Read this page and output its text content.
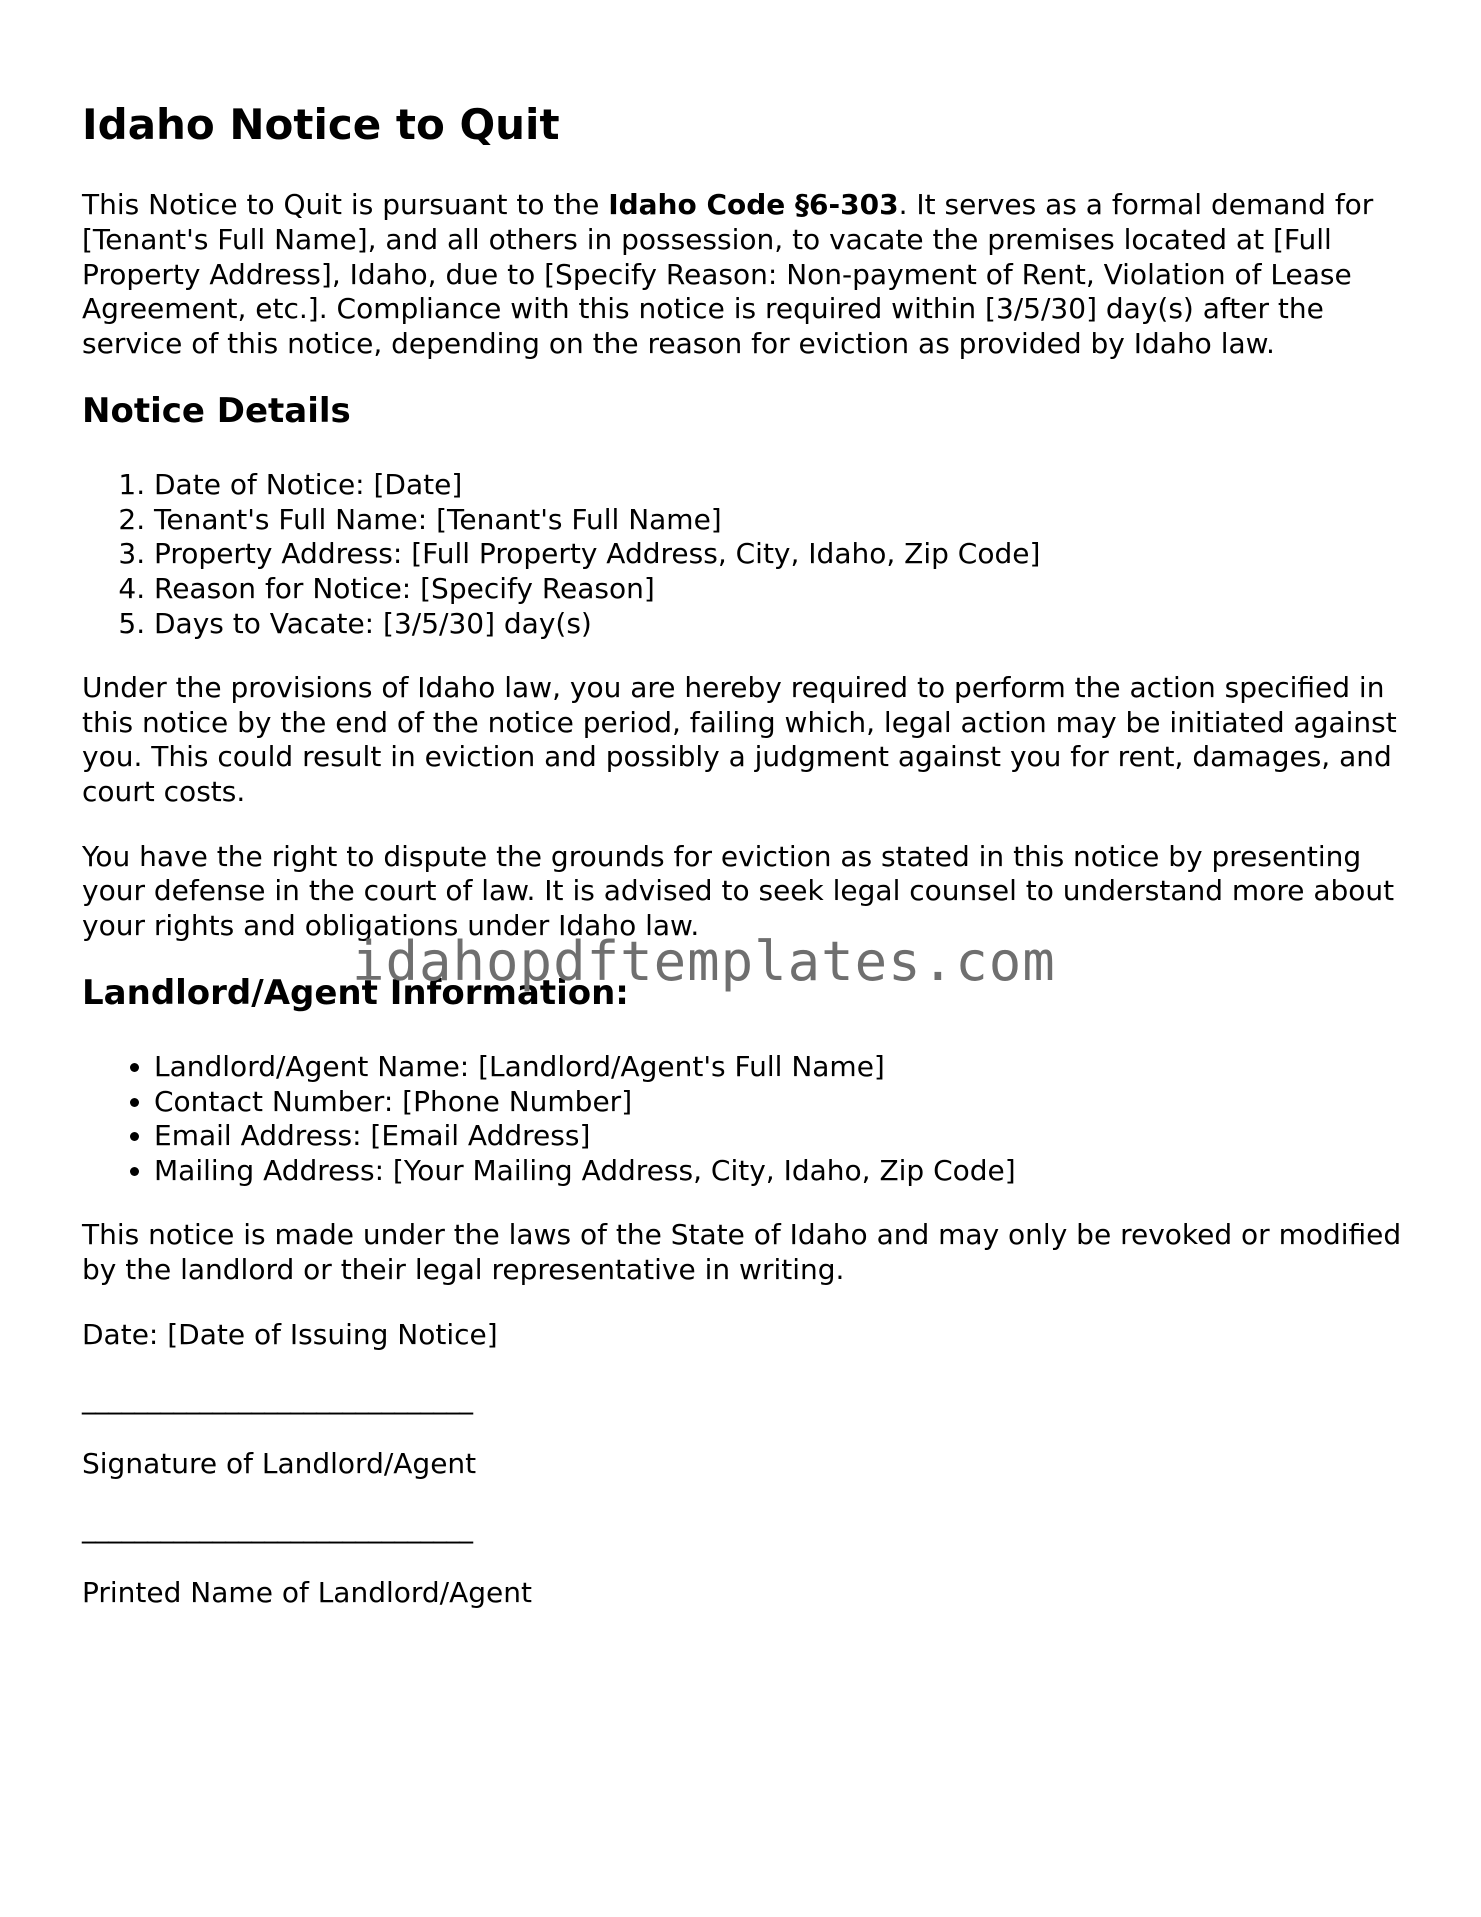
Idaho Notice to Quit

This Notice to Quit is pursuant to the Idaho Code §6-303. It serves as a formal demand for [Tenant's Full Name], and all others in possession, to vacate the premises located at [Full Property Address], Idaho, due to [Specify Reason: Non-payment of Rent, Violation of Lease Agreement, etc.]. Compliance with this notice is required within [3/5/30] day(s) after the service of this notice, depending on the reason for eviction as provided by Idaho law.

Notice Details
1. Date of Notice: [Date]
2. Tenant's Full Name: [Tenant's Full Name]
3. Property Address: [Full Property Address, City, Idaho, Zip Code]
4. Reason for Notice: [Specify Reason]
5. Days to Vacate: [3/5/30] day(s)

Under the provisions of Idaho law, you are hereby required to perform the action specified in this notice by the end of the notice period, failing which, legal action may be initiated against you. This could result in eviction and possibly a judgment against you for rent, damages, and court costs.

You have the right to dispute the grounds for eviction as stated in this notice by presenting your defense in the court of law. It is advised to seek legal counsel to understand more about your rights and obligations under Idaho law.

Landlord/Agent Information:
• Landlord/Agent Name: [Landlord/Agent's Full Name]
• Contact Number: [Phone Number]
• Email Address: [Email Address]
• Mailing Address: [Your Mailing Address, City, Idaho, Zip Code]

This notice is made under the laws of the State of Idaho and may only be revoked or modified by the landlord or their legal representative in writing.

Date: [Date of Issuing Notice]

______________________________

Signature of Landlord/Agent

______________________________

Printed Name of Landlord/Agent

idahopdftemplates.com
